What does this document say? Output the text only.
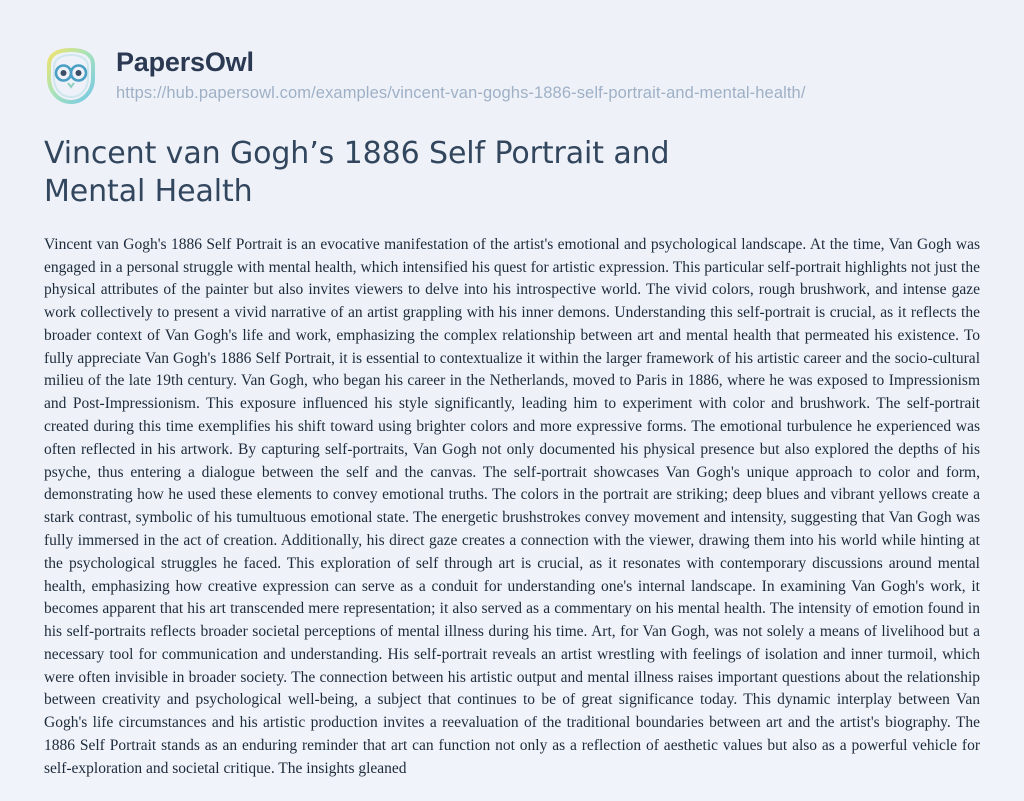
PapersOwl
https://hub.papersowl.com/examples/vincent-van-goghs-1886-self-portrait-and-mental-health/
Vincent van Gogh’s 1886 Self Portrait and Mental Health

Vincent van Gogh's 1886 Self Portrait is an evocative manifestation of the artist's emotional and psychological landscape. At the time, Van Gogh was engaged in a personal struggle with mental health, which intensified his quest for artistic expression. This particular self-portrait highlights not just the physical attributes of the painter but also invites viewers to delve into his introspective world. The vivid colors, rough brushwork, and intense gaze work collectively to present a vivid narrative of an artist grappling with his inner demons. Understanding this self-portrait is crucial, as it reflects the broader context of Van Gogh's life and work, emphasizing the complex relationship between art and mental health that permeated his existence. To fully appreciate Van Gogh's 1886 Self Portrait, it is essential to contextualize it within the larger framework of his artistic career and the socio-cultural milieu of the late 19th century. Van Gogh, who began his career in the Netherlands, moved to Paris in 1886, where he was exposed to Impressionism and Post-Impressionism. This exposure influenced his style significantly, leading him to experiment with color and brushwork. The self-portrait created during this time exemplifies his shift toward using brighter colors and more expressive forms. The emotional turbulence he experienced was often reflected in his artwork. By capturing self-portraits, Van Gogh not only documented his physical presence but also explored the depths of his psyche, thus entering a dialogue between the self and the canvas. The self-portrait showcases Van Gogh's unique approach to color and form, demonstrating how he used these elements to convey emotional truths. The colors in the portrait are striking; deep blues and vibrant yellows create a stark contrast, symbolic of his tumultuous emotional state. The energetic brushstrokes convey movement and intensity, suggesting that Van Gogh was fully immersed in the act of creation. Additionally, his direct gaze creates a connection with the viewer, drawing them into his world while hinting at the psychological struggles he faced. This exploration of self through art is crucial, as it resonates with contemporary discussions around mental health, emphasizing how creative expression can serve as a conduit for understanding one's internal landscape. In examining Van Gogh's work, it becomes apparent that his art transcended mere representation; it also served as a commentary on his mental health. The intensity of emotion found in his self-portraits reflects broader societal perceptions of mental illness during his time. Art, for Van Gogh, was not solely a means of livelihood but a necessary tool for communication and understanding. His self-portrait reveals an artist wrestling with feelings of isolation and inner turmoil, which were often invisible in broader society. The connection between his artistic output and mental illness raises important questions about the relationship between creativity and psychological well-being, a subject that continues to be of great significance today. This dynamic interplay between Van Gogh's life circumstances and his artistic production invites a reevaluation of the traditional boundaries between art and the artist's biography. The 1886 Self Portrait stands as an enduring reminder that art can function not only as a reflection of aesthetic values but also as a powerful vehicle for self-exploration and societal critique. The insights gleaned
